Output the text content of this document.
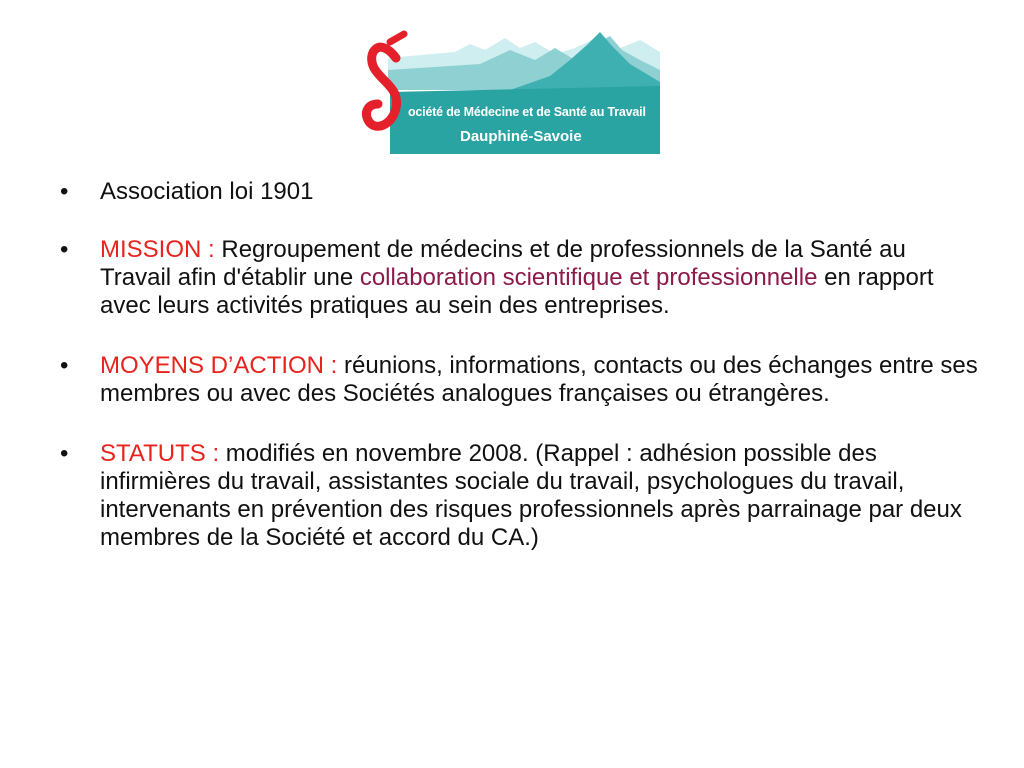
ociété de Médecine et de Santé au Travail
Dauphiné-Savoie
• Association loi 1901
• MISSION : Regroupement de médecins et de professionnels de la Santé au Travail afin d'établir une collaboration scientifique et professionnelle en rapport avec leurs activités pratiques au sein des entreprises.
• MOYENS D’ACTION : réunions, informations, contacts ou des échanges entre ses membres ou avec des Sociétés analogues françaises ou étrangères.
• STATUTS : modifiés en novembre 2008. (Rappel : adhésion possible des infirmières du travail, assistantes sociale du travail, psychologues du travail, intervenants en prévention des risques professionnels après parrainage par deux membres de la Société et accord du CA.)
